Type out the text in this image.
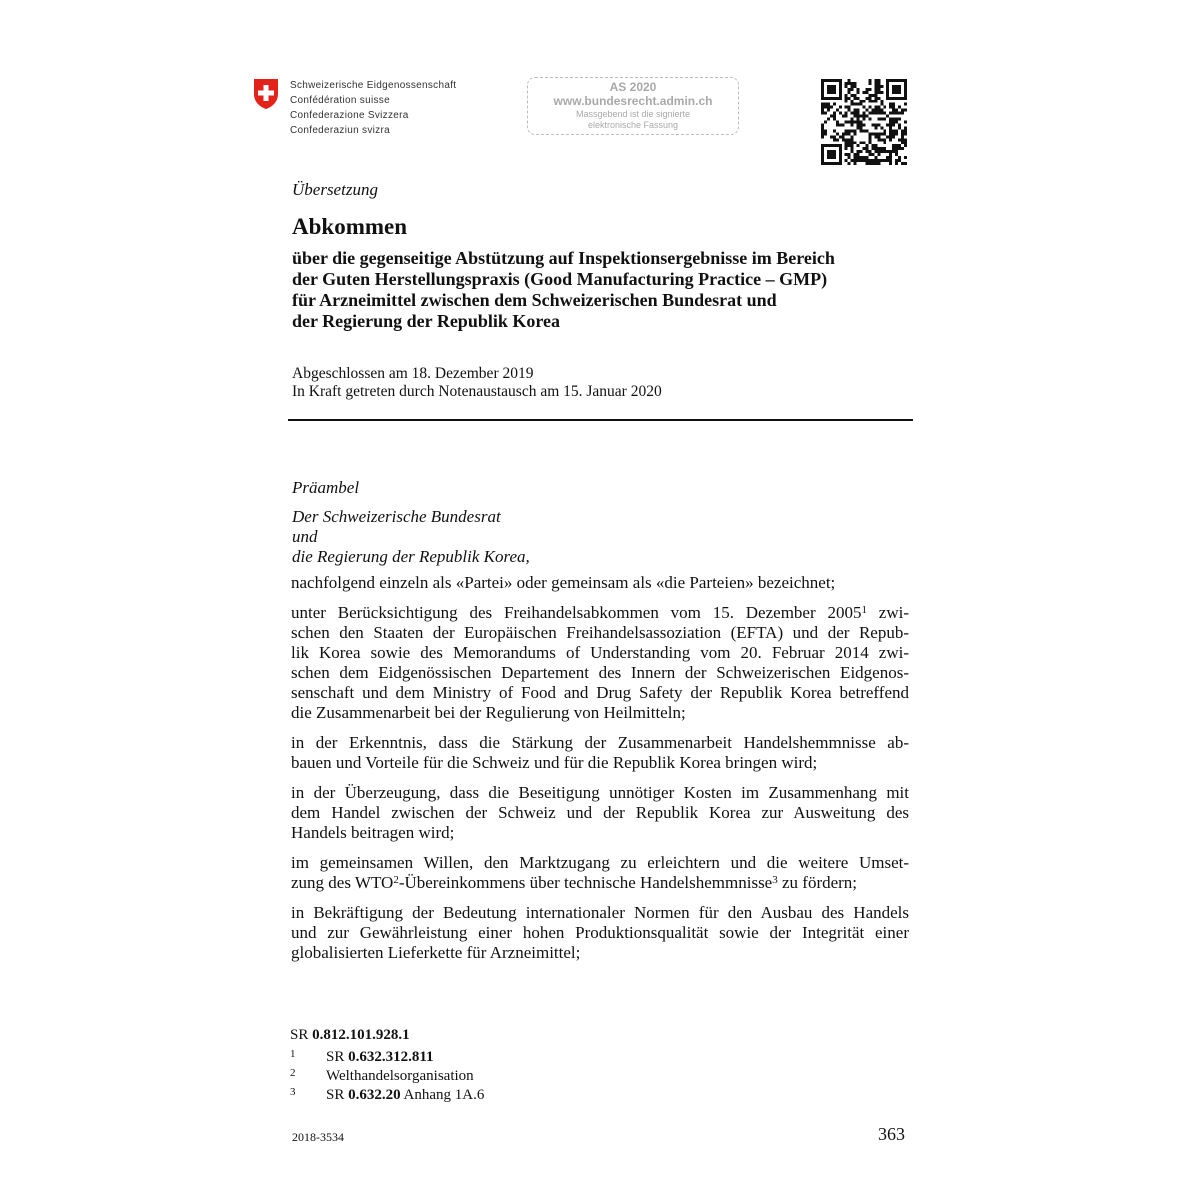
Schweizerische Eidgenossenschaft
Confédération suisse
Confederazione Svizzera
Confederaziun svizra
AS 2020
www.bundesrecht.admin.ch
Massgebend ist die signierte
elektronische Fassung
Übersetzung
Abkommen
über die gegenseitige Abstützung auf Inspektionsergebnisse im Bereich
der Guten Herstellungspraxis (Good Manufacturing Practice – GMP)
für Arzneimittel zwischen dem Schweizerischen Bundesrat und
der Regierung der Republik Korea
Abgeschlossen am 18. Dezember 2019
In Kraft getreten durch Notenaustausch am 15. Januar 2020
Präambel
Der Schweizerische Bundesrat
und
die Regierung der Republik Korea,

nachfolgend einzeln als «Partei» oder gemeinsam als «die Parteien» bezeichnet;

unter Berücksichtigung des Freihandelsabkommen vom 15. Dezember 2005$^1$ zwi-
schen den Staaten der Europäischen Freihandelsassoziation (EFTA) und der Repub-
lik Korea sowie des Memorandums of Understanding vom 20. Februar 2014 zwi-
schen dem Eidgenössischen Departement des Innern der Schweizerischen Eidgenos-
senschaft und dem Ministry of Food and Drug Safety der Republik Korea betreffend
die Zusammenarbeit bei der Regulierung von Heilmitteln;

in der Erkenntnis, dass die Stärkung der Zusammenarbeit Handelshemmnisse ab-
bauen und Vorteile für die Schweiz und für die Republik Korea bringen wird;

in der Überzeugung, dass die Beseitigung unnötiger Kosten im Zusammenhang mit
dem Handel zwischen der Schweiz und der Republik Korea zur Ausweitung des
Handels beitragen wird;

im gemeinsamen Willen, den Marktzugang zu erleichtern und die weitere Umset-
zung des WTO$^2$-Übereinkommens über technische Handelshemmnisse$^3$ zu fördern;

in Bekräftigung der Bedeutung internationaler Normen für den Ausbau des Handels
und zur Gewährleistung einer hohen Produktionsqualität sowie der Integrität einer
globalisierten Lieferkette für Arzneimittel;

SR 0.812.101.928.1
1 SR 0.632.312.811
2 Welthandelsorganisation
3 SR 0.632.20 Anhang 1A.6
2018-3534	363
